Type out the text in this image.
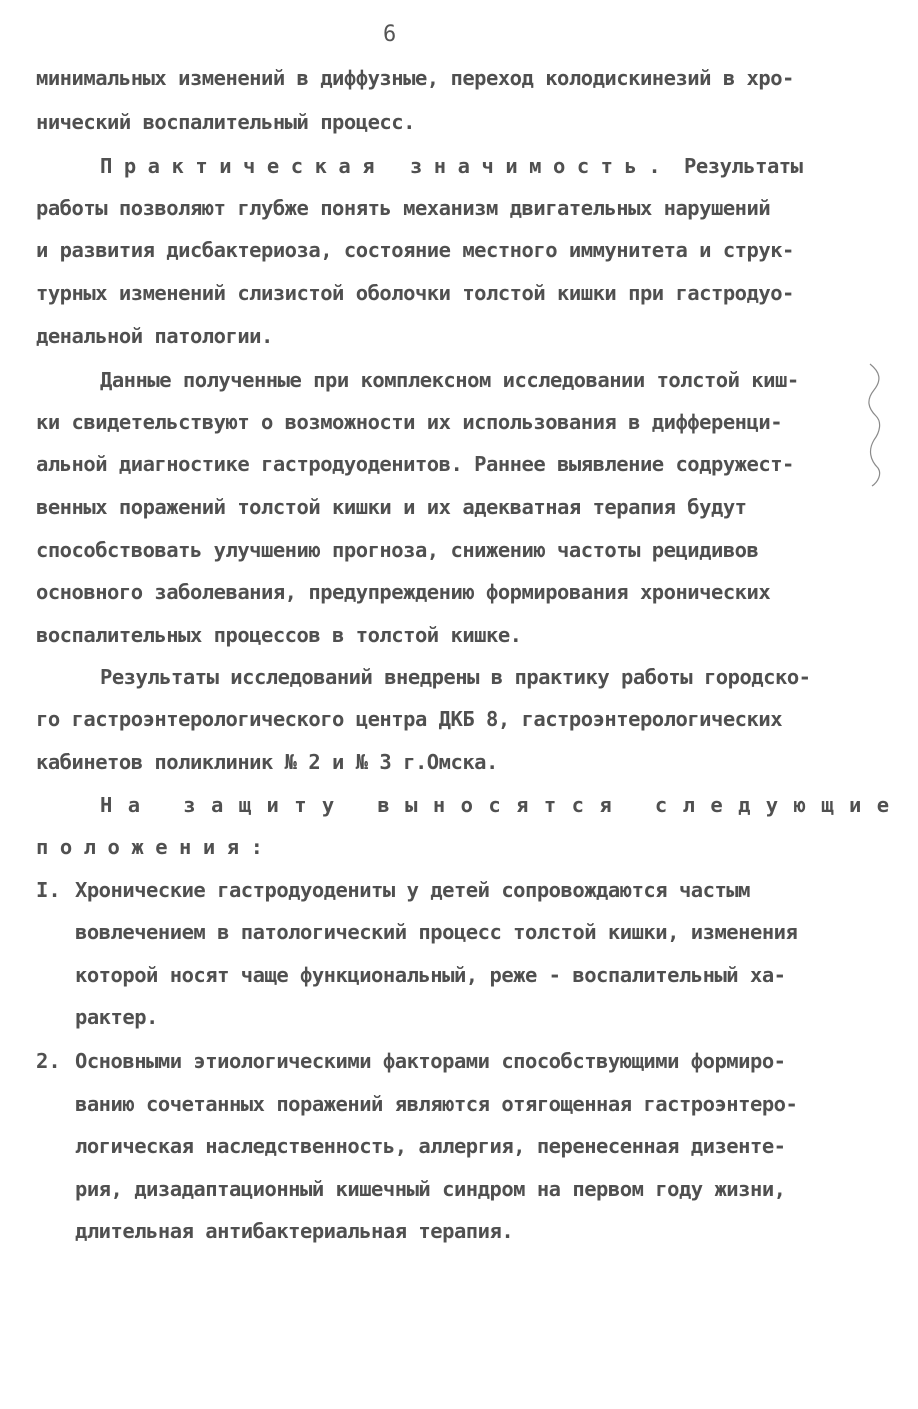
6
минимальных изменений в диффузные, переход колодискинезий в хро-
нический воспалительный процесс.
Практическая значимость. Результаты
работы позволяют глубже понять механизм двигательных нарушений
и развития дисбактериоза, состояние местного иммунитета и струк-
турных изменений слизистой оболочки толстой кишки при гастродуо-
денальной патологии.
Данные полученные при комплексном исследовании толстой киш-
ки свидетельствуют о возможности их использования в дифференци-
альной диагностике гастродуоденитов. Раннее выявление содружест-
венных поражений толстой кишки и их адекватная терапия будут
способствовать улучшению прогноза, снижению частоты рецидивов
основного заболевания, предупреждению формирования хронических
воспалительных процессов в толстой кишке.
Результаты исследований внедрены в практику работы городско-
го гастроэнтерологического центра ДКБ 8, гастроэнтерологических
кабинетов поликлиник № 2 и № 3 г.Омска.
На защиту выносятся следующие
положения:
I. Хронические гастродуодениты у детей сопровождаются частым
вовлечением в патологический процесс толстой кишки, изменения
которой носят чаще функциональный, реже - воспалительный ха-
рактер.
2. Основными этиологическими факторами способствующими формиро-
ванию сочетанных поражений являются отягощенная гастроэнтеро-
логическая наследственность, аллергия, перенесенная дизенте-
рия, дизадаптационный кишечный синдром на первом году жизни,
длительная антибактериальная терапия.
